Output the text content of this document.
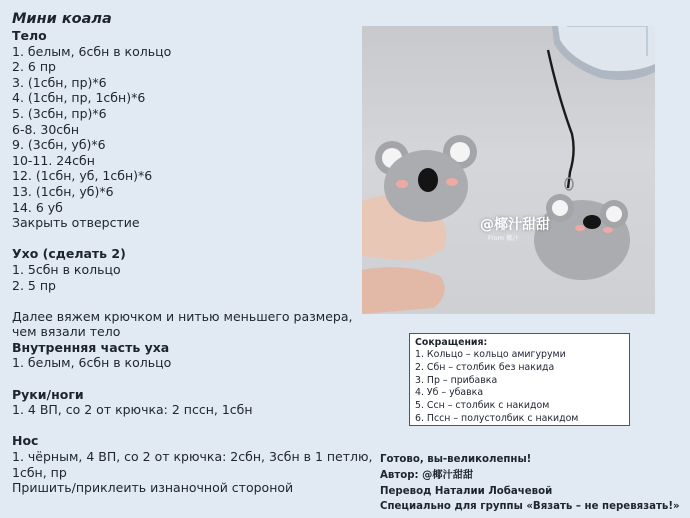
Мини коала
Тело
1. белым, 6сбн в кольцо
2. 6 пр
3. (1сбн, пр)*6
4. (1сбн, пр, 1сбн)*6
5. (3сбн, пр)*6
6-8. 30сбн
9. (3сбн, уб)*6
10-11. 24сбн
12. (1сбн, уб, 1сбн)*6
13. (1сбн, уб)*6
14. 6 уб
Закрыть отверстие
Ухо (сделать 2)
1. 5сбн в кольцо
2. 5 пр
Далее вяжем крючком и нитью меньшего размера,
чем вязали тело
Внутренняя часть уха
1. белым, 6сбн в кольцо
Руки/ноги
1. 4 ВП, со 2 от крючка: 2 пссн, 1сбн
Нос
1. чёрным, 4 ВП, со 2 от крючка: 2сбн, 3сбн в 1 петлю,
1сбн, пр
Пришить/приклеить изнаночной стороной
@椰汁甜甜
From 椰汁
Сокращения:
1. Кольцо – кольцо амигуруми
2. Сбн – столбик без накида
3. Пр – прибавка
4. Уб – убавка
5. Ссн – столбик с накидом
6. Пссн – полустолбик с накидом
Готово, вы-великолепны!
Автор: @椰汁甜甜
Перевод Наталии Лобачевой
Специально для группы «Вязать – не перевязать!»
